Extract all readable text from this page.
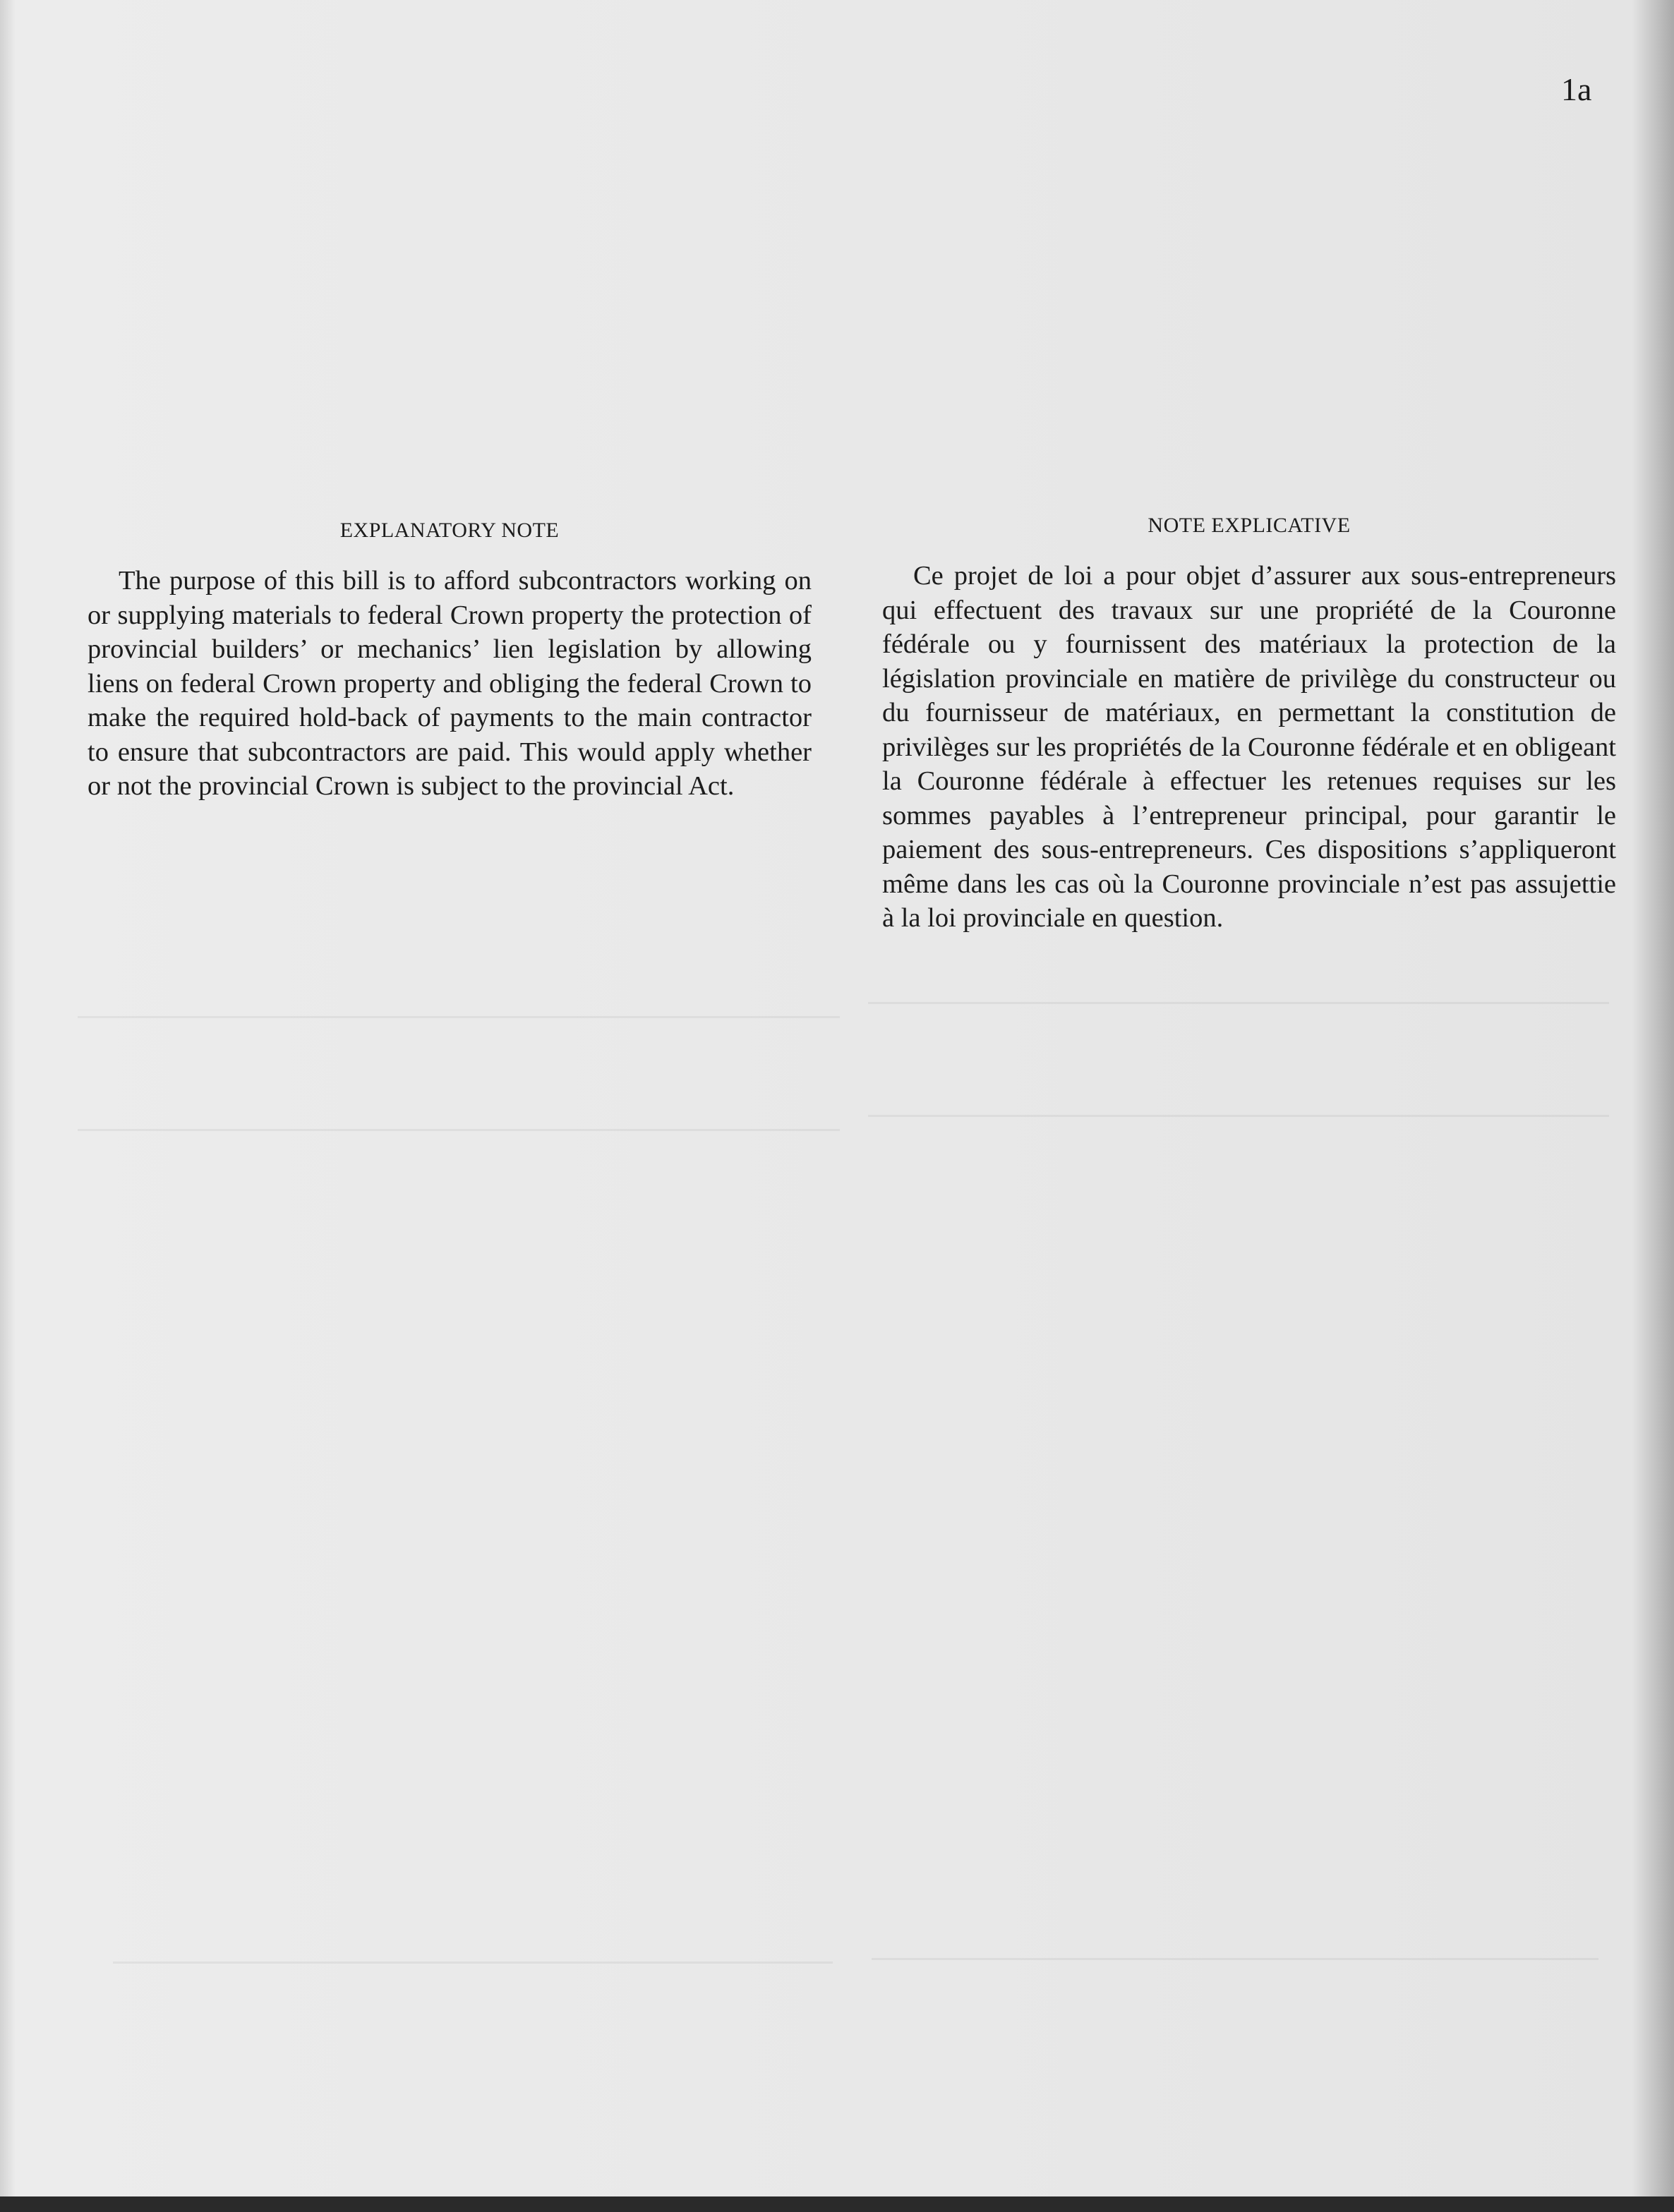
1a
EXPLANATORY NOTE

The purpose of this bill is to afford subcontractors working on or supplying materials to federal Crown property the protection of provincial builders’ or mechanics’ lien legislation by allowing liens on federal Crown property and obliging the federal Crown to make the required hold-back of payments to the main contractor to ensure that subcontractors are paid. This would apply whether or not the provincial Crown is subject to the provincial Act.

NOTE EXPLICATIVE

Ce projet de loi a pour objet d’assurer aux sous-entrepreneurs qui effectuent des travaux sur une propriété de la Couronne fédérale ou y fournissent des matériaux la protection de la législation provinciale en matière de privilège du constructeur ou du fournisseur de matériaux, en permettant la constitution de privilèges sur les propriétés de la Couronne fédérale et en obligeant la Couronne fédérale à effectuer les retenues requises sur les sommes payables à l’entrepreneur principal, pour garantir le paiement des sous-entrepreneurs. Ces dispositions s’appliqueront même dans les cas où la Couronne provinciale n’est pas assujettie à la loi provinciale en question.
